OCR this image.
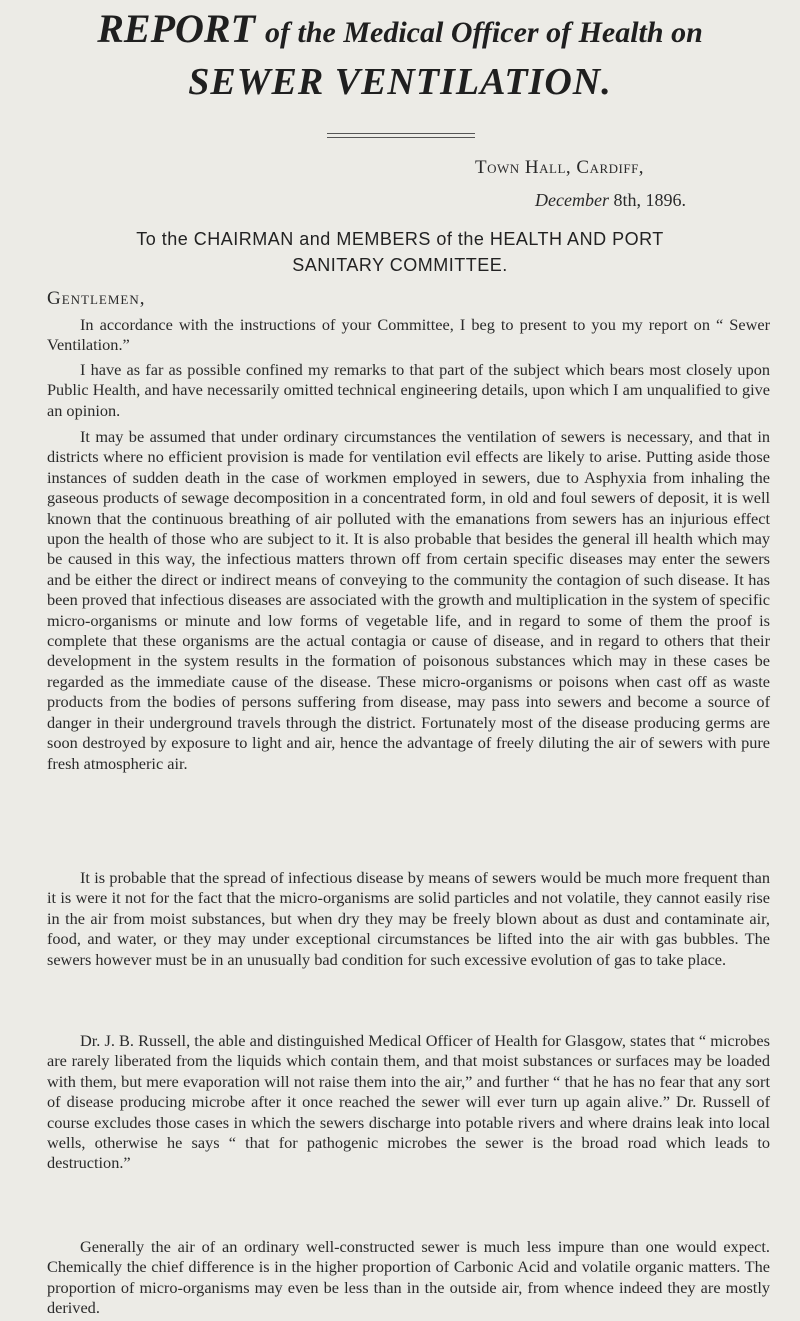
REPORT of the Medical Officer of Health on
SEWER VENTILATION.
Town Hall, Cardiff,
December 8th, 1896.
To the CHAIRMAN and MEMBERS of the HEALTH AND PORT
SANITARY COMMITTEE.
Gentlemen,

In accordance with the instructions of your Committee, I beg to present to you my report on “ Sewer Ventilation.”

I have as far as possible confined my remarks to that part of the subject which bears most closely upon Public Health, and have necessarily omitted technical engineering details, upon which I am unqualified to give an opinion.

It may be assumed that under ordinary circumstances the ventilation of sewers is necessary, and that in districts where no efficient provision is made for ventilation evil effects are likely to arise. Putting aside those instances of sudden death in the case of workmen employed in sewers, due to Asphyxia from inhaling the gaseous products of sewage decomposition in a concentrated form, in old and foul sewers of deposit, it is well known that the continuous breathing of air polluted with the emanations from sewers has an injurious effect upon the health of those who are subject to it. It is also probable that besides the general ill health which may be caused in this way, the infectious matters thrown off from certain specific diseases may enter the sewers and be either the direct or indirect means of conveying to the community the contagion of such disease. It has been proved that infectious diseases are associated with the growth and multiplication in the system of specific micro-organisms or minute and low forms of vegetable life, and in regard to some of them the proof is complete that these organisms are the actual contagia or cause of disease, and in regard to others that their development in the system results in the formation of poisonous substances which may in these cases be regarded as the immediate cause of the disease. These micro-organisms or poisons when cast off as waste products from the bodies of persons suffering from disease, may pass into sewers and become a source of danger in their underground travels through the district. Fortunately most of the disease producing germs are soon destroyed by exposure to light and air, hence the advantage of freely diluting the air of sewers with pure fresh atmospheric air.

It is probable that the spread of infectious disease by means of sewers would be much more frequent than it is were it not for the fact that the micro-organisms are solid particles and not volatile, they cannot easily rise in the air from moist substances, but when dry they may be freely blown about as dust and contaminate air, food, and water, or they may under exceptional circumstances be lifted into the air with gas bubbles. The sewers however must be in an unusually bad condition for such excessive evolution of gas to take place.

Dr. J. B. Russell, the able and distinguished Medical Officer of Health for Glasgow, states that “ microbes are rarely liberated from the liquids which contain them, and that moist substances or surfaces may be loaded with them, but mere evaporation will not raise them into the air,” and further “ that he has no fear that any sort of disease producing microbe after it once reached the sewer will ever turn up again alive.” Dr. Russell of course excludes those cases in which the sewers discharge into potable rivers and where drains leak into local wells, otherwise he says “ that for pathogenic microbes the sewer is the broad road which leads to destruction.”

Generally the air of an ordinary well-constructed sewer is much less impure than one would expect. Chemically the chief difference is in the higher proportion of Carbonic Acid and volatile organic matters. The proportion of micro-organisms may even be less than in the outside air, from whence indeed they are mostly derived.
